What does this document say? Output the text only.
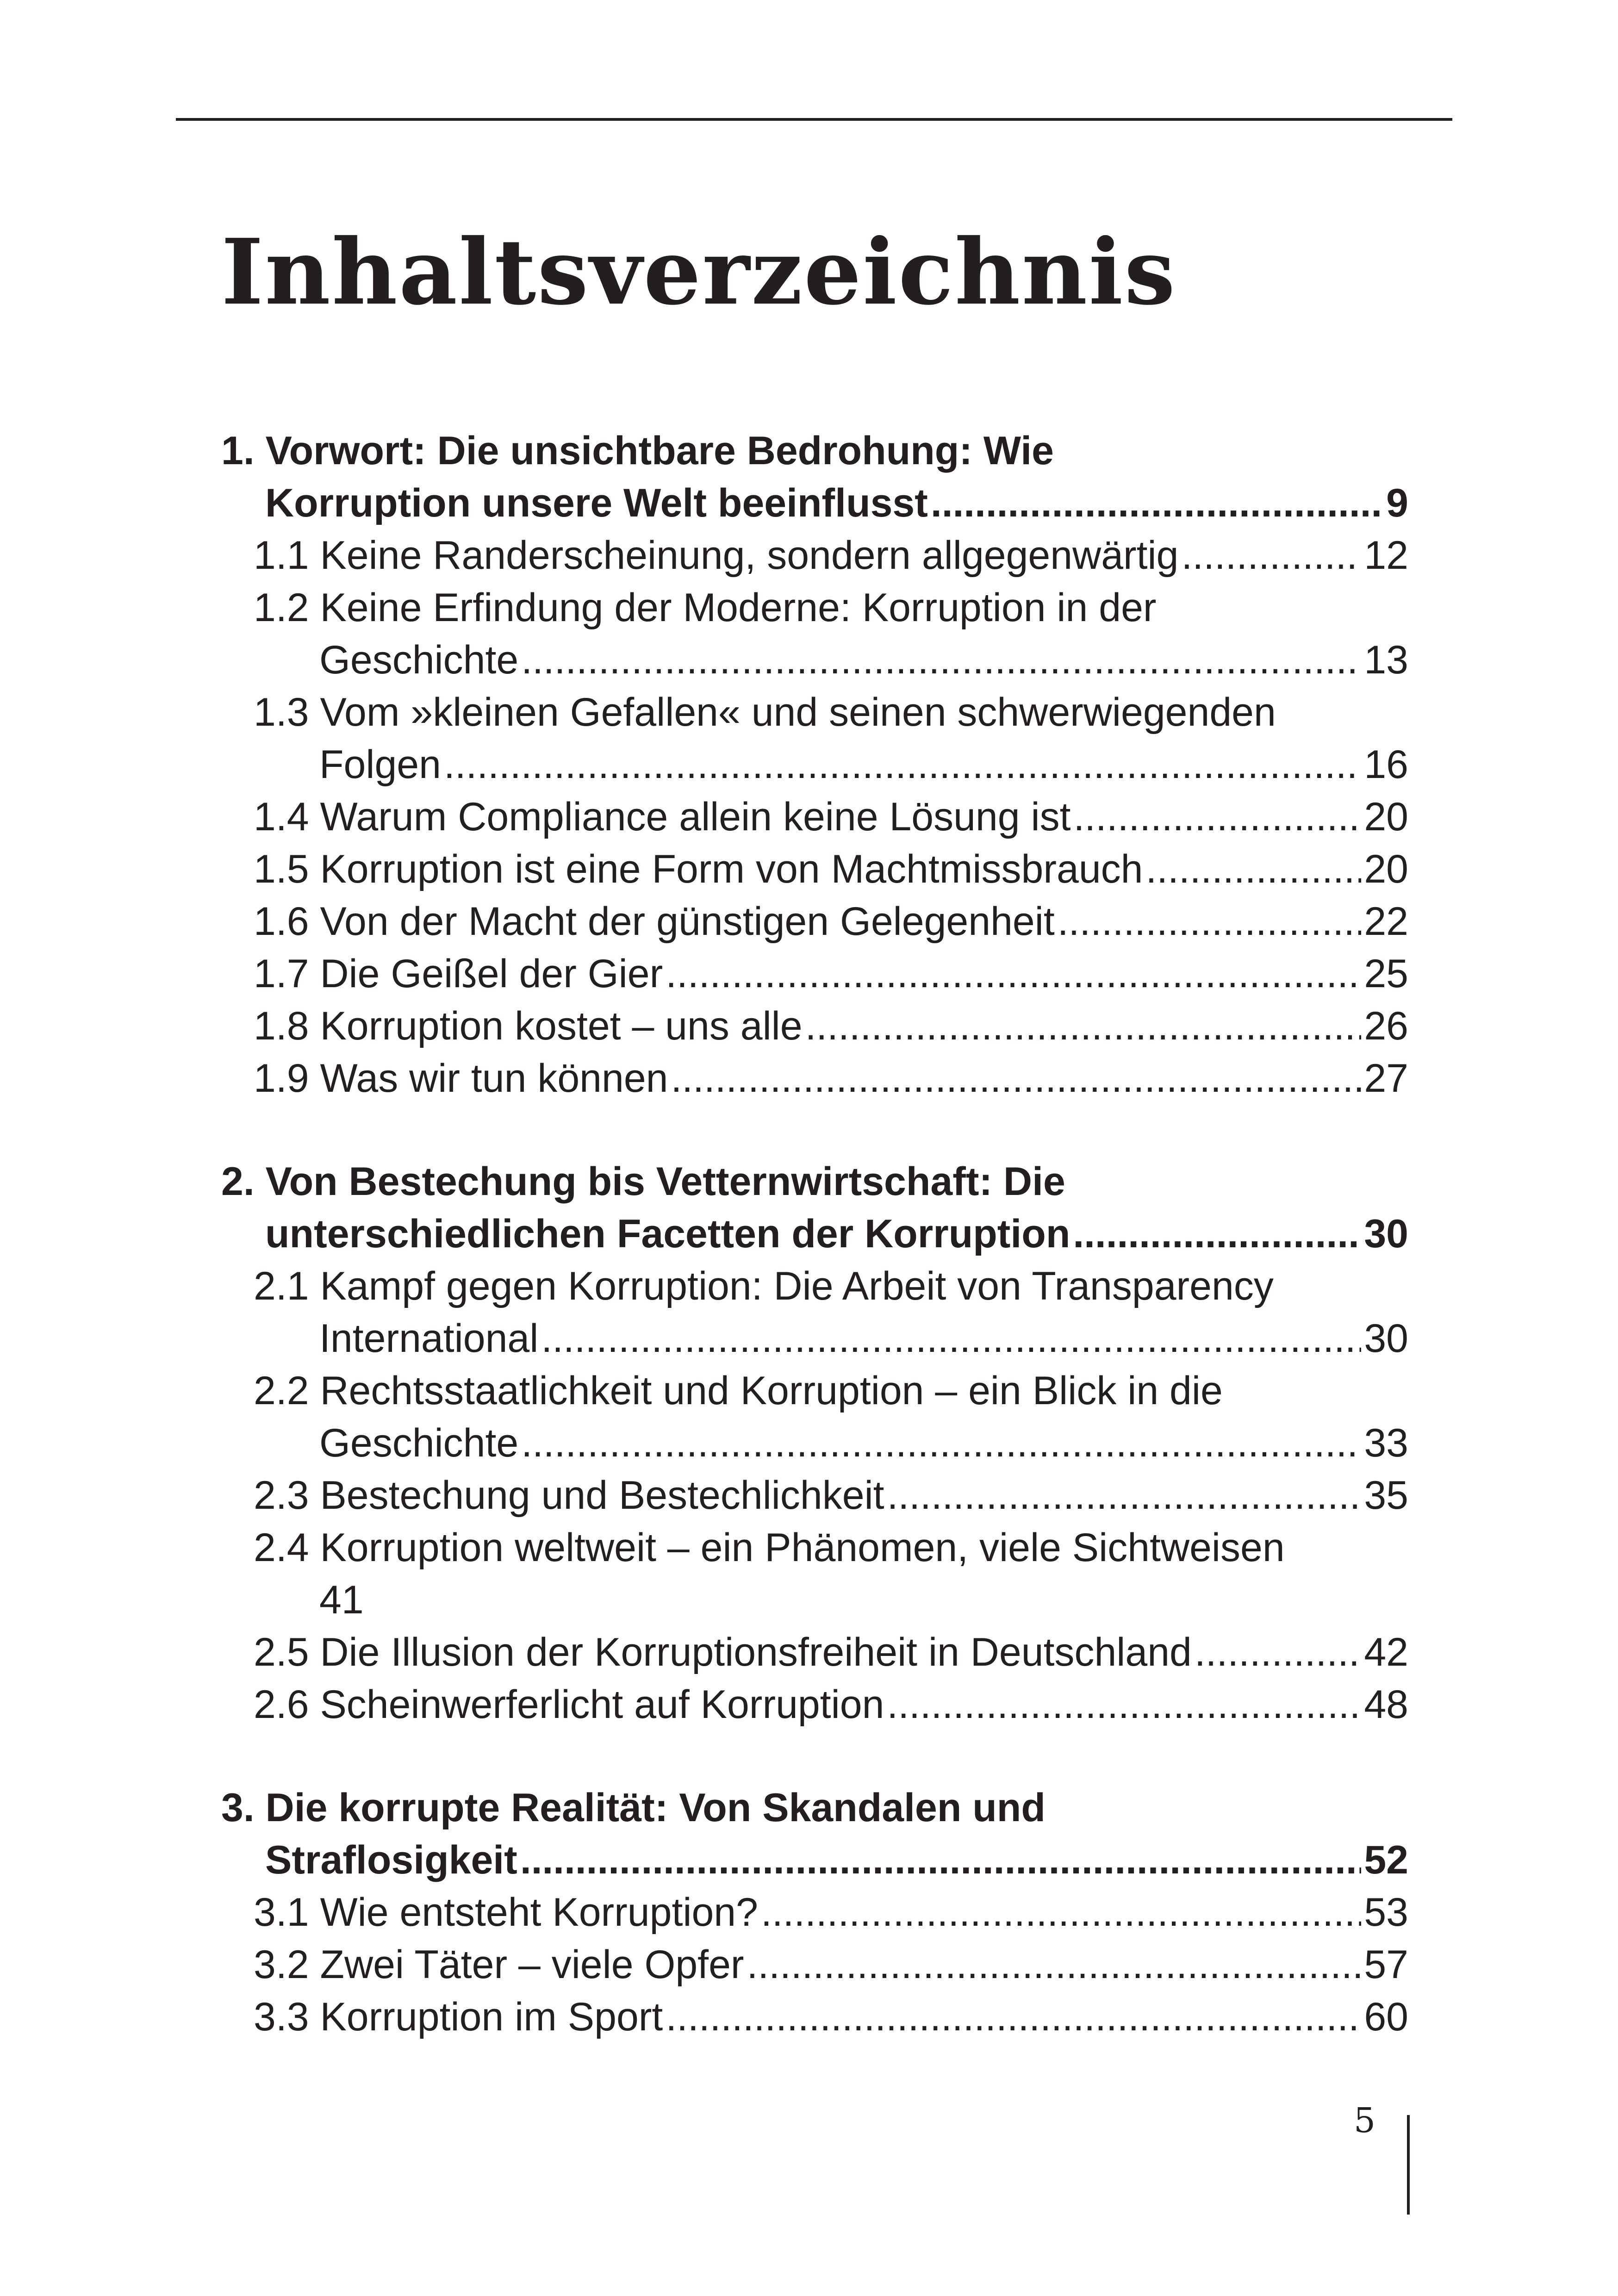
Inhaltsverzeichnis
1. Vorwort: Die unsichtbare Bedrohung: Wie
Korruption unsere Welt beeinflusst . . .	9
1.1 Keine Randerscheinung, sondern allgegenwärtig . . .	12
1.2 Keine Erfindung der Moderne: Korruption in der
Geschichte . . .	13
1.3 Vom »kleinen Gefallen« und seinen schwerwiegenden
Folgen . . .	16
1.4 Warum Compliance allein keine Lösung ist . . .	20
1.5 Korruption ist eine Form von Machtmissbrauch . . .	20
1.6 Von der Macht der günstigen Gelegenheit . . .	22
1.7 Die Geißel der Gier . . .	25
1.8 Korruption kostet – uns alle . . .	26
1.9 Was wir tun können . . .	27
2. Von Bestechung bis Vetternwirtschaft: Die
unterschiedlichen Facetten der Korruption . . .	30
2.1 Kampf gegen Korruption: Die Arbeit von Transparency
International . . .	30
2.2 Rechtsstaatlichkeit und Korruption – ein Blick in die
Geschichte . . .	33
2.3 Bestechung und Bestechlichkeit . . .	35
2.4 Korruption weltweit – ein Phänomen, viele Sichtweisen
41
2.5 Die Illusion der Korruptionsfreiheit in Deutschland . . .	42
2.6 Scheinwerferlicht auf Korruption . . .	48
3. Die korrupte Realität: Von Skandalen und
Straflosigkeit . . .	52
3.1 Wie entsteht Korruption? . . .	53
3.2 Zwei Täter – viele Opfer . . .	57
3.3 Korruption im Sport . . .	60
5
